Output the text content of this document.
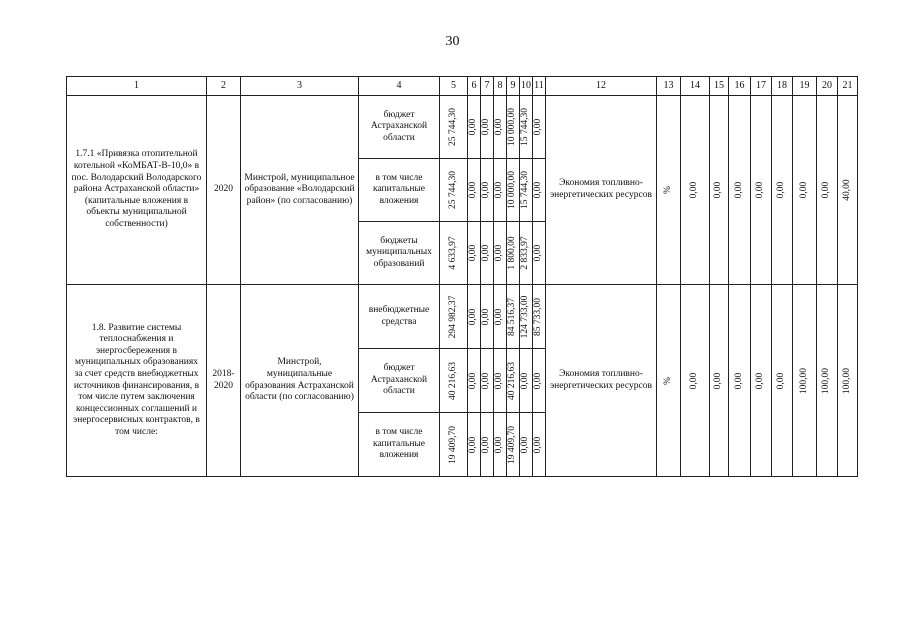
30
1	2	3	4	5	6	7	8	9	10	11	12	13	14	15	16	17	18	19	20	21

1.7.1 «Привязка отопительной котельной «КоМБАТ-В-10,0» в пос. Володарский Володарского района Астраханской области» (капитальные вложения в объекты муниципальной собственности)	2020	Минстрой, муниципальное образование «Володарский район» (по согласованию)	бюджет Астраханской области	25 744,30	0,00	0,00	0,00	10 000,00	15 744,30	0,00	Экономия топливно-энергетических ресурсов	%	0,00	0,00	0,00	0,00	0,00	0,00	0,00	40,00

			в том числе капитальные вложения	25 744,30	0,00	0,00	0,00	10 000,00	15 744,30	0,00										

			бюджеты муниципальных образований	4 633,97	0,00	0,00	0,00	1 800,00	2 833,97	0,00										

1.8. Развитие системы теплоснабжения и энергосбережения в муниципальных образованиях за счет средств внебюджетных источников финансирования, в том числе путем заключения концессионных соглашений и энергосервисных контрактов, в том числе:	2018-2020	Минстрой, муниципальные образования Астраханской области (по согласованию)	внебюджетные средства	294 982,37	0,00	0,00	0,00	84 516,37	124 733,00	85 733,00	Экономия топливно-энергетических ресурсов	%	0,00	0,00	0,00	0,00	0,00	100,00	100,00	100,00

			бюджет Астраханской области	40 216,63	0,00	0,00	0,00	40 216,63	0,00	0,00										

			в том числе капитальные вложения	19 409,70	0,00	0,00	0,00	19 409,70	0,00	0,00										
